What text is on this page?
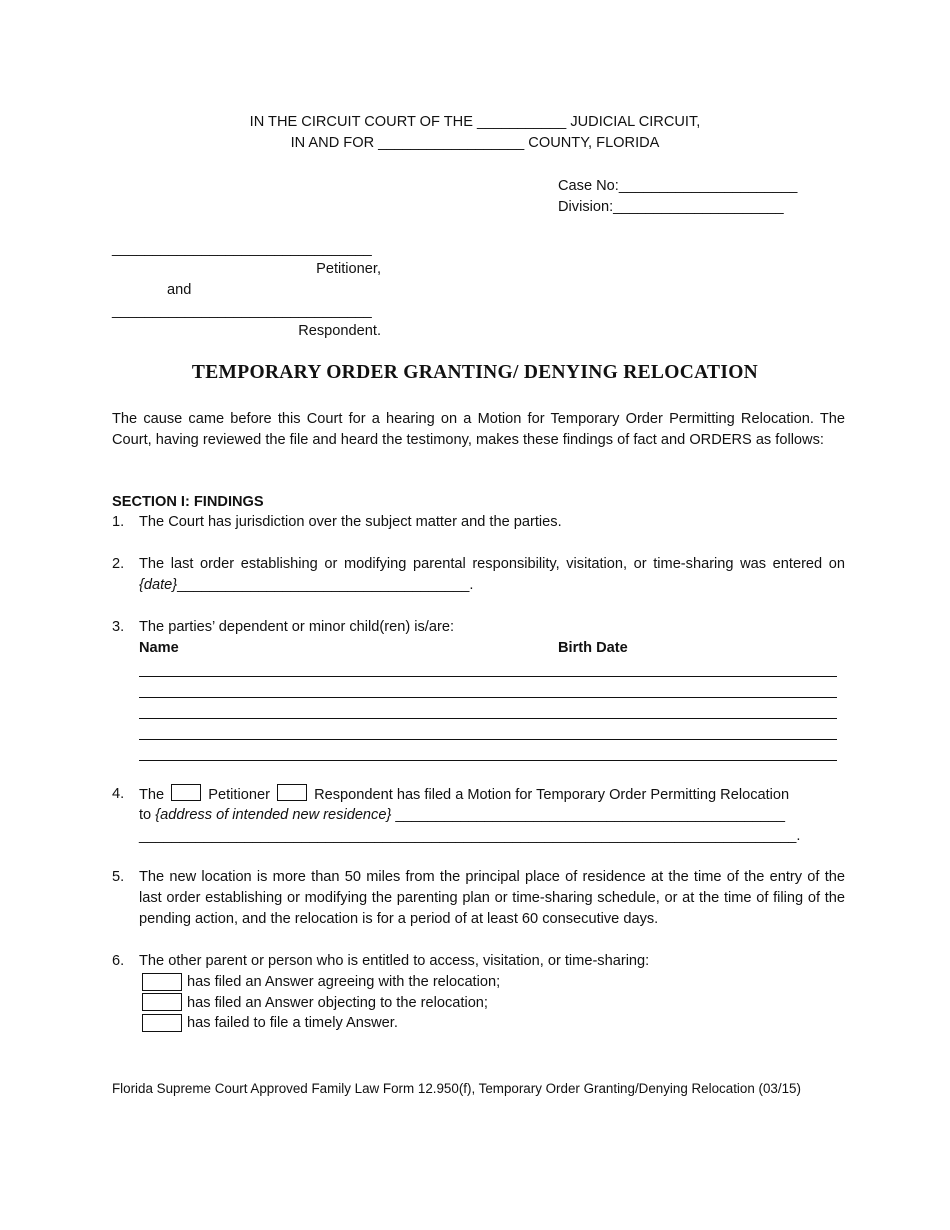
IN THE CIRCUIT COURT OF THE ___________ JUDICIAL CIRCUIT,
IN AND FOR __________________ COUNTY, FLORIDA
Case No:______________________
Division:_____________________
________________________________
Petitioner,
and
________________________________
Respondent.
TEMPORARY ORDER GRANTING/ DENYING RELOCATION
The cause came before this Court for a hearing on a Motion for Temporary Order Permitting Relocation. The Court, having reviewed the file and heard the testimony, makes these findings of fact and ORDERS as follows:
SECTION I: FINDINGS
1. The Court has jurisdiction over the subject matter and the parties.
2. The last order establishing or modifying parental responsibility, visitation, or time-sharing was entered on {date}____________________________________.
3. The parties’ dependent or minor child(ren) is/are:
Name	Birth Date
4. The	Petitioner	Respondent has filed a Motion for Temporary Order Permitting Relocation
to {address of intended new residence} ________________________________________________
_________________________________________________________________________________.
5. The new location is more than 50 miles from the principal place of residence at the time of the entry of the last order establishing or modifying the parenting plan or time-sharing schedule, or at the time of filing of the pending action, and the relocation is for a period of at least 60 consecutive days.
6. The other parent or person who is entitled to access, visitation, or time-sharing:
has filed an Answer agreeing with the relocation;
has filed an Answer objecting to the relocation;
has failed to file a timely Answer.
Florida Supreme Court Approved Family Law Form 12.950(f), Temporary Order Granting/Denying Relocation (03/15)
